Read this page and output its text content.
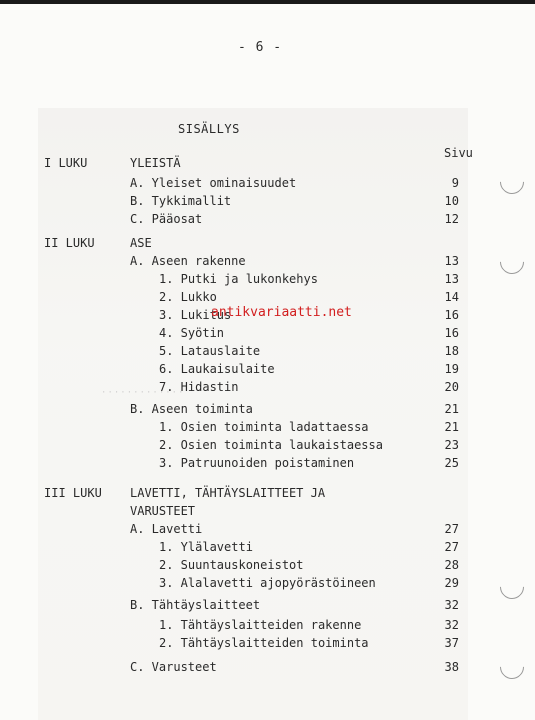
- 6 -
SISÄLLYS
Sivu
I LUKU	YLEISTÄ
A. Yleiset ominaisuudet	9
B. Tykkimallit	10
C. Pääosat	12
II LUKU	ASE
A. Aseen rakenne	13
1. Putki ja lukonkehys	13
2. Lukko	14
3. Lukitus	16
4. Syötin	16
5. Latauslaite	18
6. Laukaisulaite	19
7. Hidastin	20
B. Aseen toiminta	21
1. Osien toiminta ladattaessa	21
2. Osien toiminta laukaistaessa	23
3. Patruunoiden poistaminen	25
III LUKU LAVETTI, TÄHTÄYSLAITTEET JA
VARUSTEET
A. Lavetti	27
1. Ylälavetti	27
2. Suuntauskoneistot	28
3. Alalavetti ajopyörästöineen	29
B. Tähtäyslaitteet	32
1. Tähtäyslaitteiden rakenne	32
2. Tähtäyslaitteiden toiminta	37
C. Varusteet	38
·············
antikvariaatti.net
